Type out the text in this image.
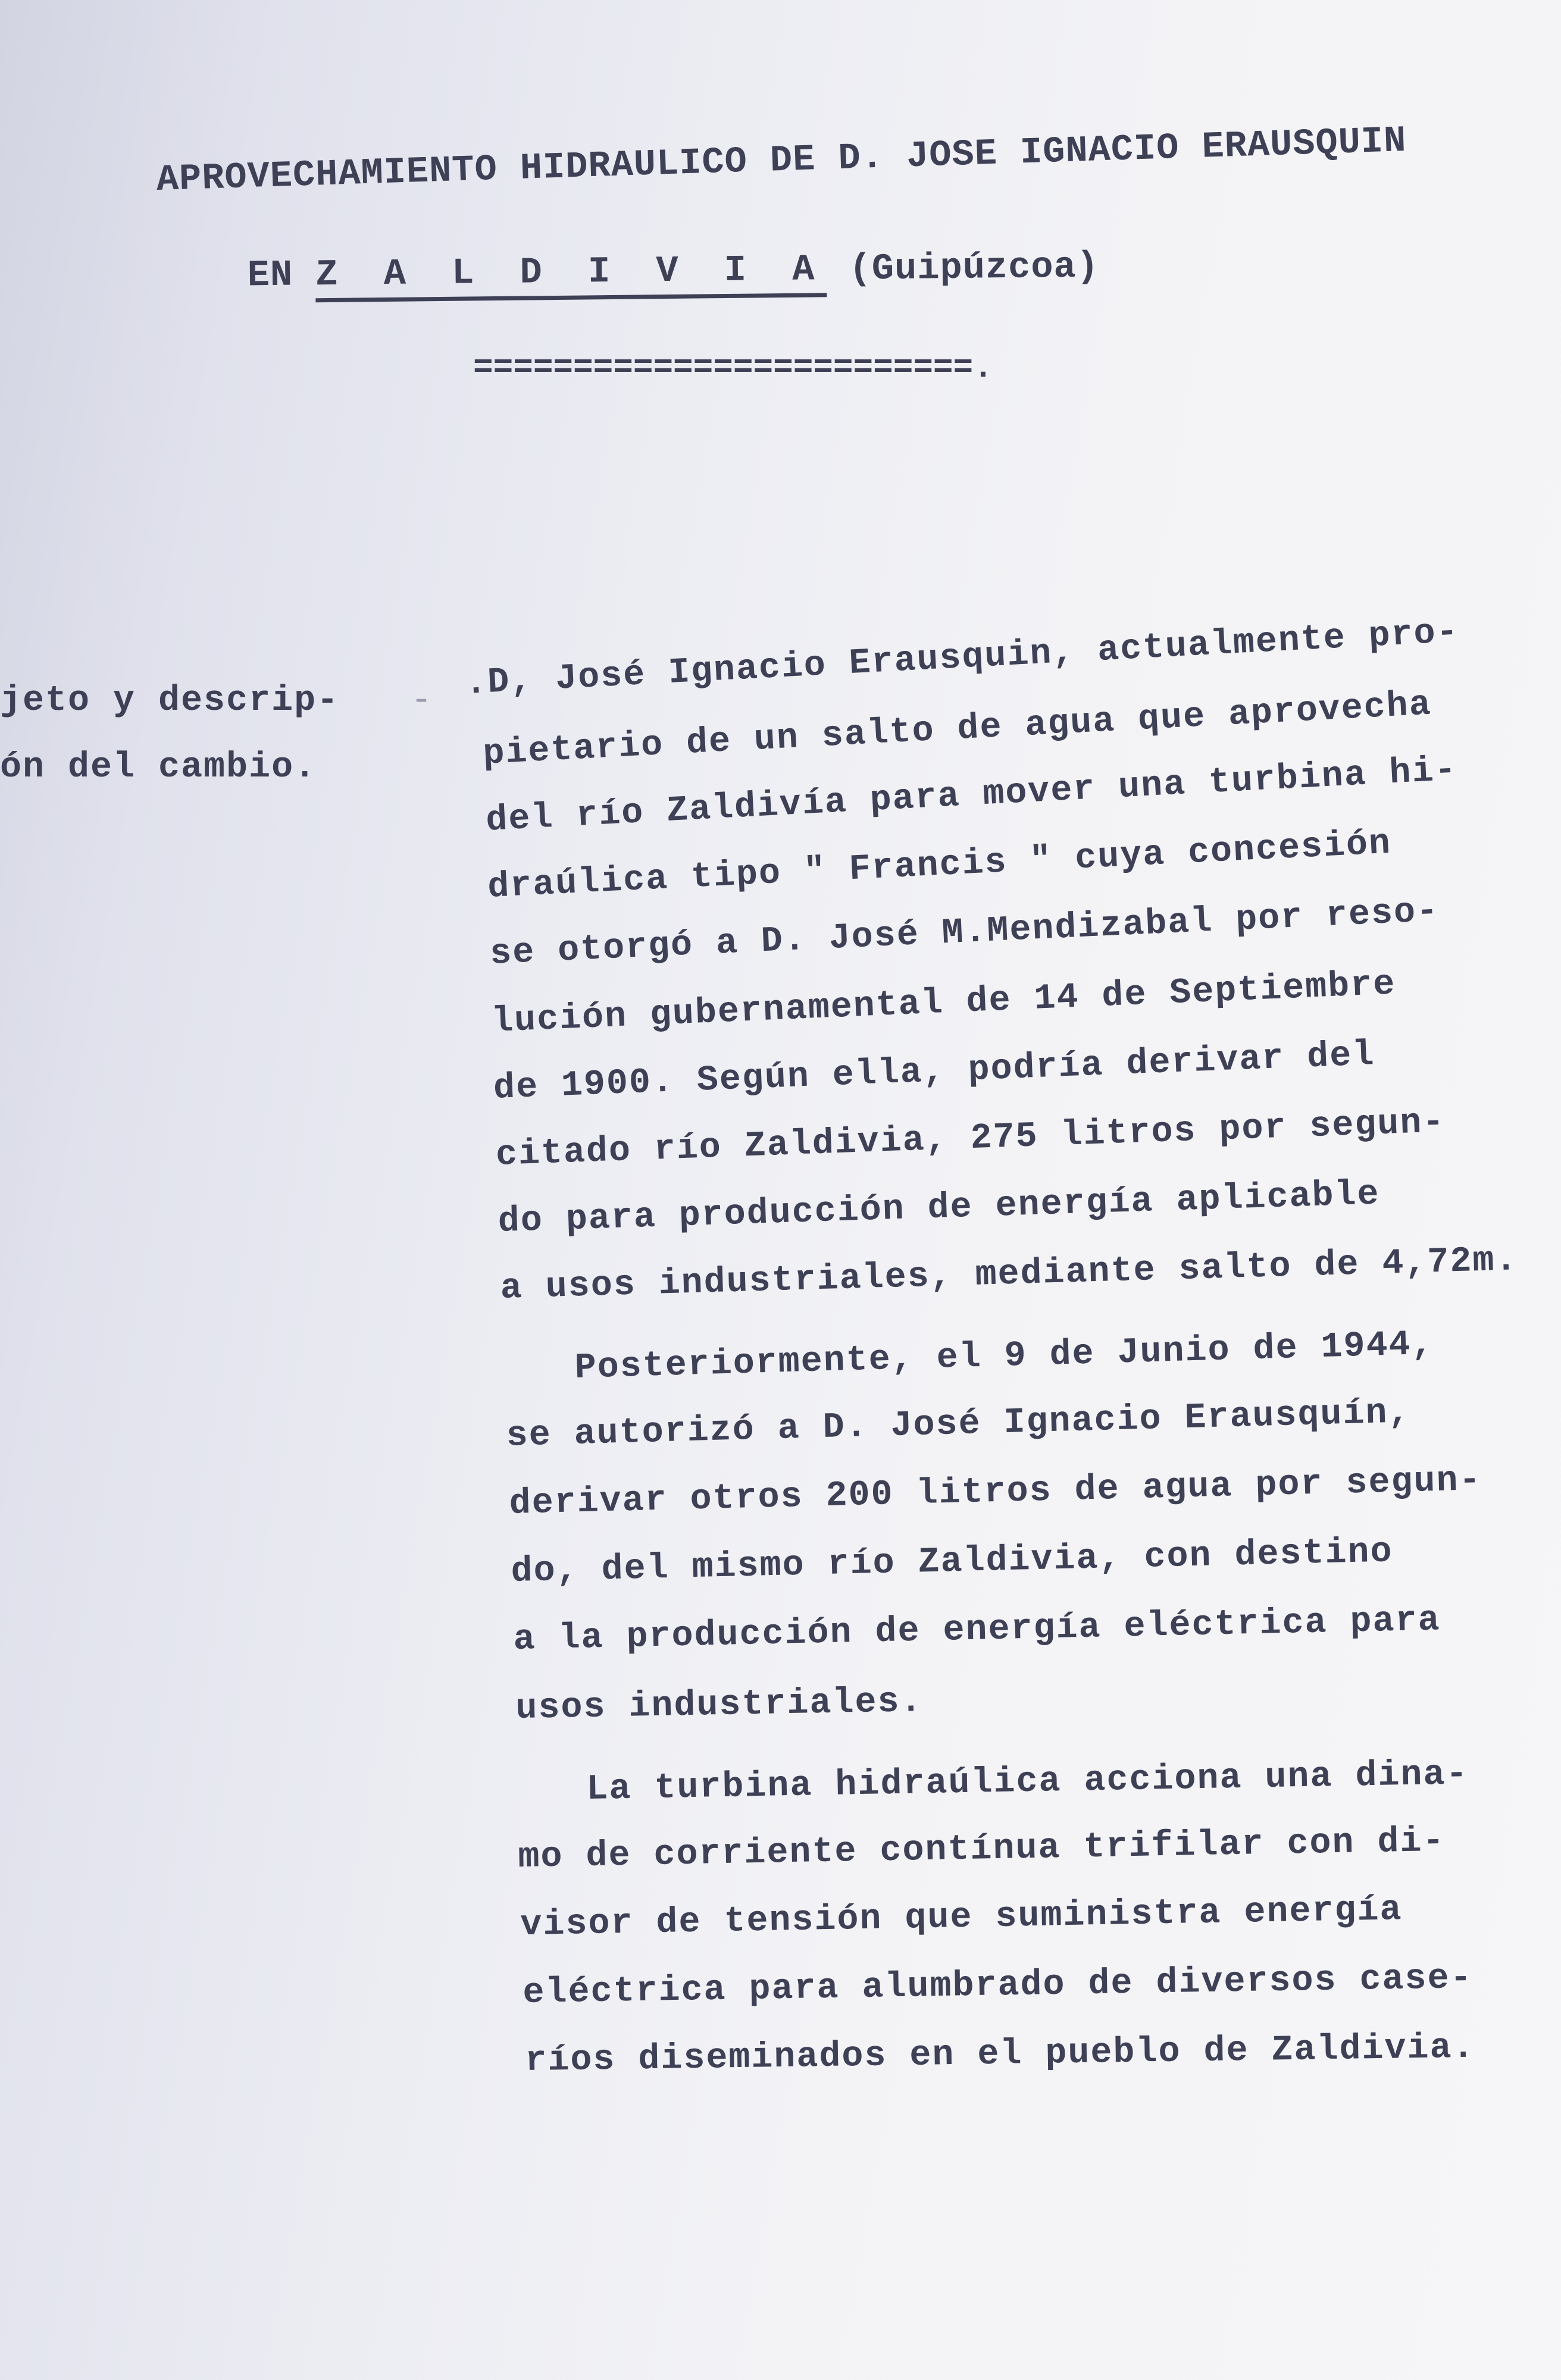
APROVECHAMIENTO HIDRAULICO DE D. JOSE IGNACIO ERAUSQUIN

EN Z A L D I V I A (Guipúzcoa)

=========================.
jeto y descrip-
ón del cambio.
- .D, José Ignacio Erausquin, actualmente pro-
pietario de un salto de agua que aprovecha
del río Zaldivía para mover una turbina hi-
draúlica tipo " Francis " cuya concesión
se otorgó a D. José M.Mendizabal por reso-
lución gubernamental de 14 de Septiembre
de 1900. Según ella, podría derivar del
citado río Zaldivia, 275 litros por segun-
do para producción de energía aplicable
a usos industriales, mediante salto de 4,72m.
Posteriormente, el 9 de Junio de 1944,
se autorizó a D. José Ignacio Erausquín,
derivar otros 200 litros de agua por segun-
do, del mismo río Zaldivia, con destino
a la producción de energía eléctrica para
usos industriales.
La turbina hidraúlica acciona una dina-
mo de corriente contínua trifilar con di-
visor de tensión que suministra energía
eléctrica para alumbrado de diversos case-
ríos diseminados en el pueblo de Zaldivia.
